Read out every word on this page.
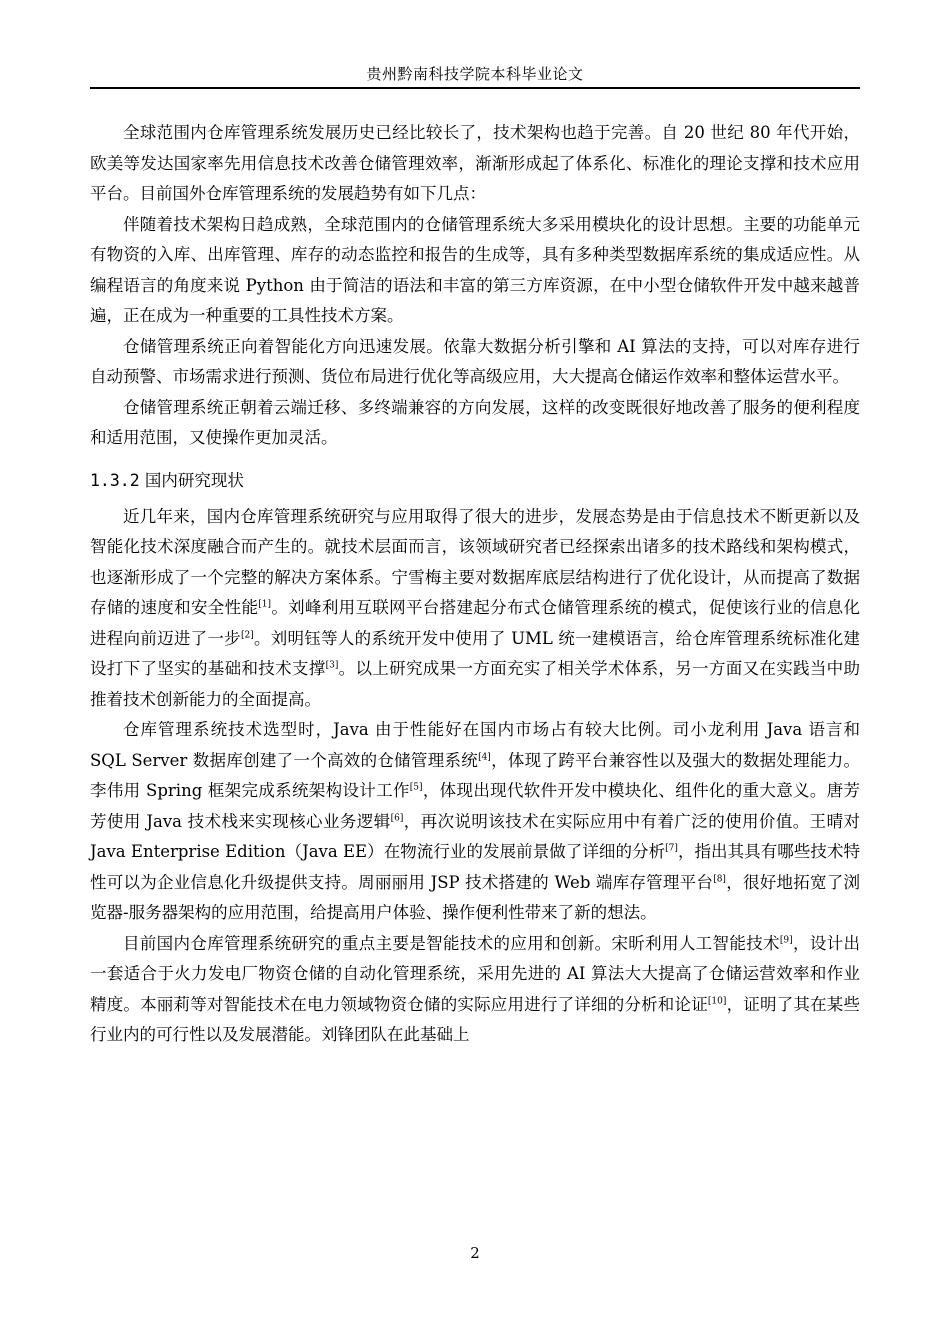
贵州黔南科技学院本科毕业论文

全球范围内仓库管理系统发展历史已经比较长了，技术架构也趋于完善。自 20 世纪 80 年代开始，欧美等发达国家率先用信息技术改善仓储管理效率，渐渐形成起了体系化、标准化的理论支撑和技术应用平台。目前国外仓库管理系统的发展趋势有如下几点：

伴随着技术架构日趋成熟，全球范围内的仓储管理系统大多采用模块化的设计思想。主要的功能单元有物资的入库、出库管理、库存的动态监控和报告的生成等，具有多种类型数据库系统的集成适应性。从编程语言的角度来说 Python 由于简洁的语法和丰富的第三方库资源，在中小型仓储软件开发中越来越普遍，正在成为一种重要的工具性技术方案。

仓储管理系统正向着智能化方向迅速发展。依靠大数据分析引擎和 AI 算法的支持，可以对库存进行自动预警、市场需求进行预测、货位布局进行优化等高级应用，大大提高仓储运作效率和整体运营水平。

仓储管理系统正朝着云端迁移、多终端兼容的方向发展，这样的改变既很好地改善了服务的便利程度和适用范围，又使操作更加灵活。

1.3.2 国内研究现状

近几年来，国内仓库管理系统研究与应用取得了很大的进步，发展态势是由于信息技术不断更新以及智能化技术深度融合而产生的。就技术层面而言，该领域研究者已经探索出诸多的技术路线和架构模式，也逐渐形成了一个完整的解决方案体系。宁雪梅主要对数据库底层结构进行了优化设计，从而提高了数据存储的速度和安全性能[1]。刘峰利用互联网平台搭建起分布式仓储管理系统的模式，促使该行业的信息化进程向前迈进了一步[2]。刘明钰等人的系统开发中使用了 UML 统一建模语言，给仓库管理系统标准化建设打下了坚实的基础和技术支撑[3]。以上研究成果一方面充实了相关学术体系，另一方面又在实践当中助推着技术创新能力的全面提高。

仓库管理系统技术选型时，Java 由于性能好在国内市场占有较大比例。司小龙利用 Java 语言和 SQL Server 数据库创建了一个高效的仓储管理系统[4]，体现了跨平台兼容性以及强大的数据处理能力。李伟用 Spring 框架完成系统架构设计工作[5]，体现出现代软件开发中模块化、组件化的重大意义。唐芳芳使用 Java 技术栈来实现核心业务逻辑[6]，再次说明该技术在实际应用中有着广泛的使用价值。王晴对 Java Enterprise Edition（Java EE）在物流行业的发展前景做了详细的分析[7]，指出其具有哪些技术特性可以为企业信息化升级提供支持。周丽丽用 JSP 技术搭建的 Web 端库存管理平台[8]，很好地拓宽了浏览器-服务器架构的应用范围，给提高用户体验、操作便利性带来了新的想法。

目前国内仓库管理系统研究的重点主要是智能技术的应用和创新。宋昕利用人工智能技术[9]，设计出一套适合于火力发电厂物资仓储的自动化管理系统，采用先进的 AI 算法大大提高了仓储运营效率和作业精度。本丽莉等对智能技术在电力领域物资仓储的实际应用进行了详细的分析和论证[10]，证明了其在某些行业内的可行性以及发展潜能。刘锋团队在此基础上

2
